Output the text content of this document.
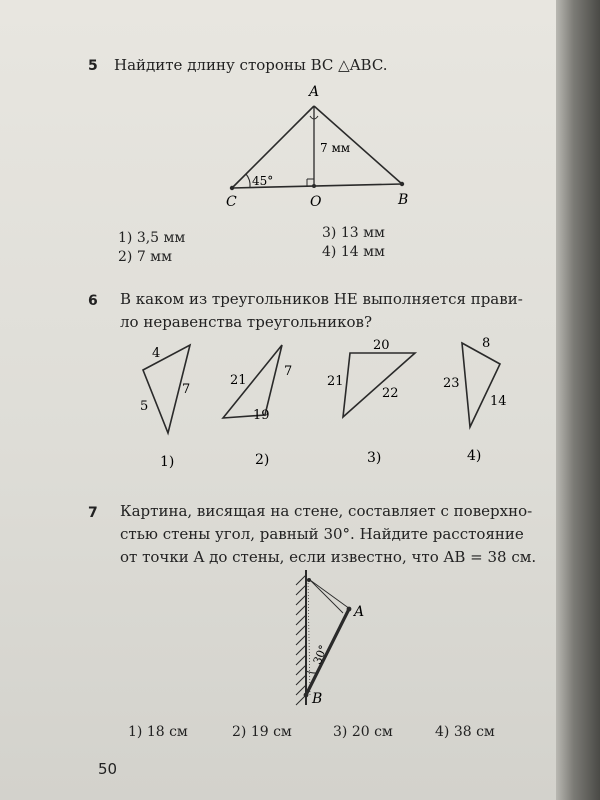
5 Найдите длину стороны BC △ABC.
A
B
C	O
45°
7 мм
1) 3,5 мм
2) 7 мм
3) 13 мм
4) 14 мм
6	В каком из треугольников НЕ выполняется прави-
ло неравенства треугольников?
4
7
5
21
7
19
20
21
22
8
23
14
1)	2)	3)	4)
7	Картина, висящая на стене, составляет с поверхно-
стью стены угол, равный 30°. Найдите расстояние
от точки A до стены, если известно, что AB = 38 см.
A
B
30°
1) 18 см	2) 19 см	3) 20 см	4) 38 см
50
